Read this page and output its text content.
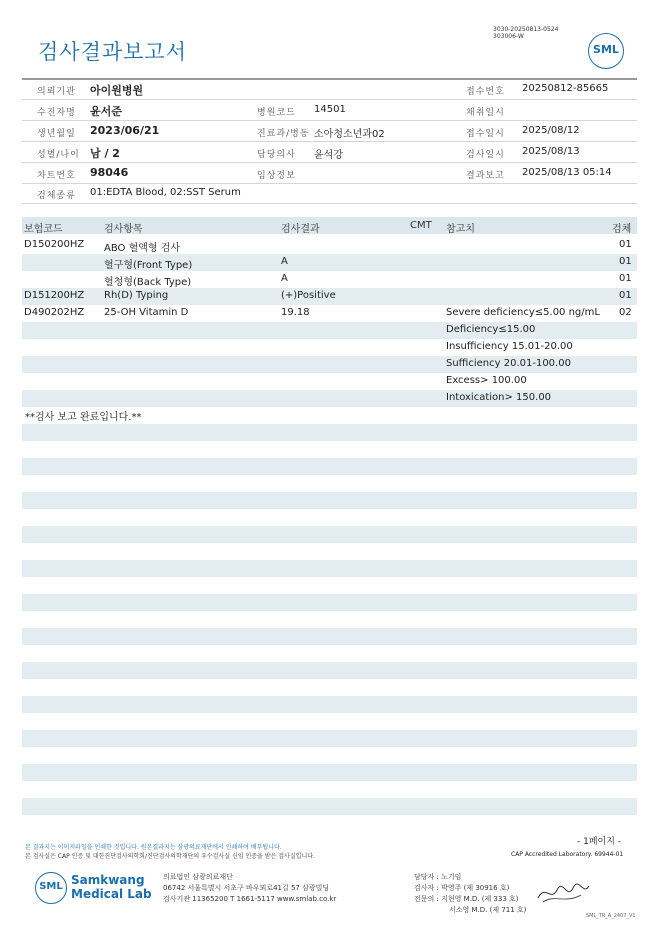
검사결과보고서
3030-20250813-0524
303006-W
SML
의뢰기관 아이원병원	접수번호 20250812-85665
수진자명 윤서준	병원코드 14501	채취일시
생년월일 2023/06/21	진료과/병동 소아청소년과02	접수일시 2025/08/12
성별/나이 남 / 2	담당의사 윤석강	검사일시 2025/08/13
차트번호 98046	임상정보	결과보고 2025/08/13 05:14
검체종류 01:EDTA Blood, 02:SST Serum
보험코드	검사항목	검사결과	CMT 참고치	검체
D150200HZ ABO 혈액형 검사	01
혈구형(Front Type)	A	01
혈청형(Back Type)	A	01
D151200HZ Rh(D) Typing	(+)Positive	01
D490202HZ 25-OH Vitamin D	19.18	Severe deficiency≤5.00 ng/mL 02
Deficiency≤15.00
Insufficiency 15.01-20.00
Sufficiency 20.01-100.00
Excess> 100.00
Intoxication> 150.00
**검사 보고 완료입니다.**
본 결과지는 이미지파일을 인쇄한 것입니다. 원본결과지는 삼광의료재단에서 인쇄하여 배부됩니다.
본 검사실은 CAP 인증 및 대한진단검사의학회/진단검사의학재단의 우수검사실 신임 인증을 받은 검사실입니다.
- 1페이지 -
CAP Accredited Laboratory. 69944-01
SML Samkwang
Medical Lab
의료법인 삼광의료재단
06742 서울특별시 서초구 바우뫼로41길 57 삼광빌딩
검사기관 11365200 T 1661-5117 www.smlab.co.kr
담당자 : 노기임
검사자 : 박영주 (제 30916 호)
전문의 : 지현영 M.D. (제 333 호)
서소영 M.D. (제 711 호)
SML_TR_A_2407_V1
